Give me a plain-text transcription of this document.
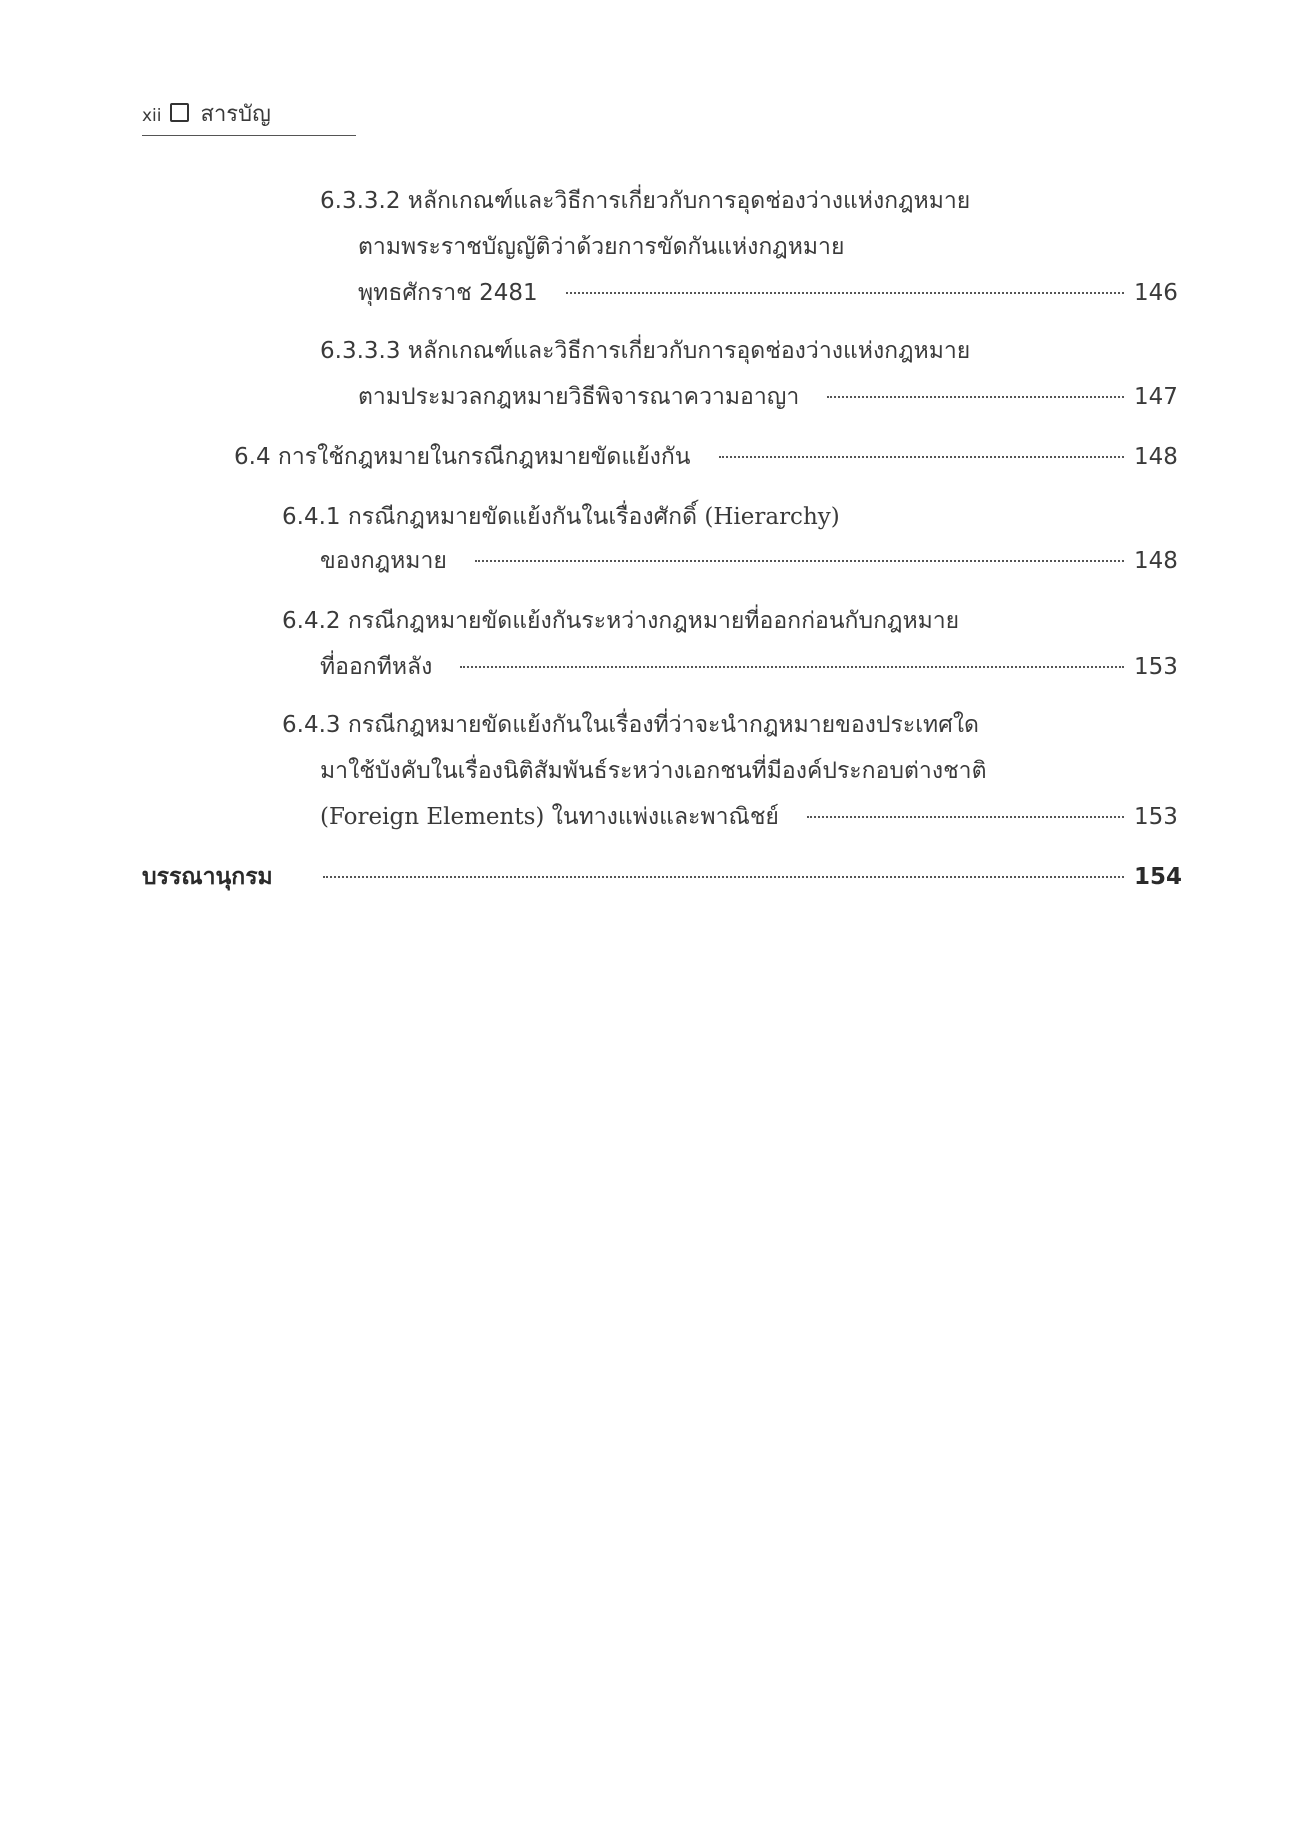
xii สารบัญ
6.3.3.2 หลักเกณฑ์และวิธีการเกี่ยวกับการอุดช่องว่างแห่งกฎหมาย
ตามพระราชบัญญัติว่าด้วยการขัดกันแห่งกฎหมาย
พุทธศักราช 2481	146
6.3.3.3 หลักเกณฑ์และวิธีการเกี่ยวกับการอุดช่องว่างแห่งกฎหมาย
ตามประมวลกฎหมายวิธีพิจารณาความอาญา	147
6.4 การใช้กฎหมายในกรณีกฎหมายขัดแย้งกัน	148
6.4.1 กรณีกฎหมายขัดแย้งกันในเรื่องศักดิ์ (Hierarchy)
ของกฎหมาย	148
6.4.2 กรณีกฎหมายขัดแย้งกันระหว่างกฎหมายที่ออกก่อนกับกฎหมาย
ที่ออกทีหลัง	153
6.4.3 กรณีกฎหมายขัดแย้งกันในเรื่องที่ว่าจะนำกฎหมายของประเทศใด
มาใช้บังคับในเรื่องนิติสัมพันธ์ระหว่างเอกชนที่มีองค์ประกอบต่างชาติ
(Foreign Elements) ในทางแพ่งและพาณิชย์	153
บรรณานุกรม	154
